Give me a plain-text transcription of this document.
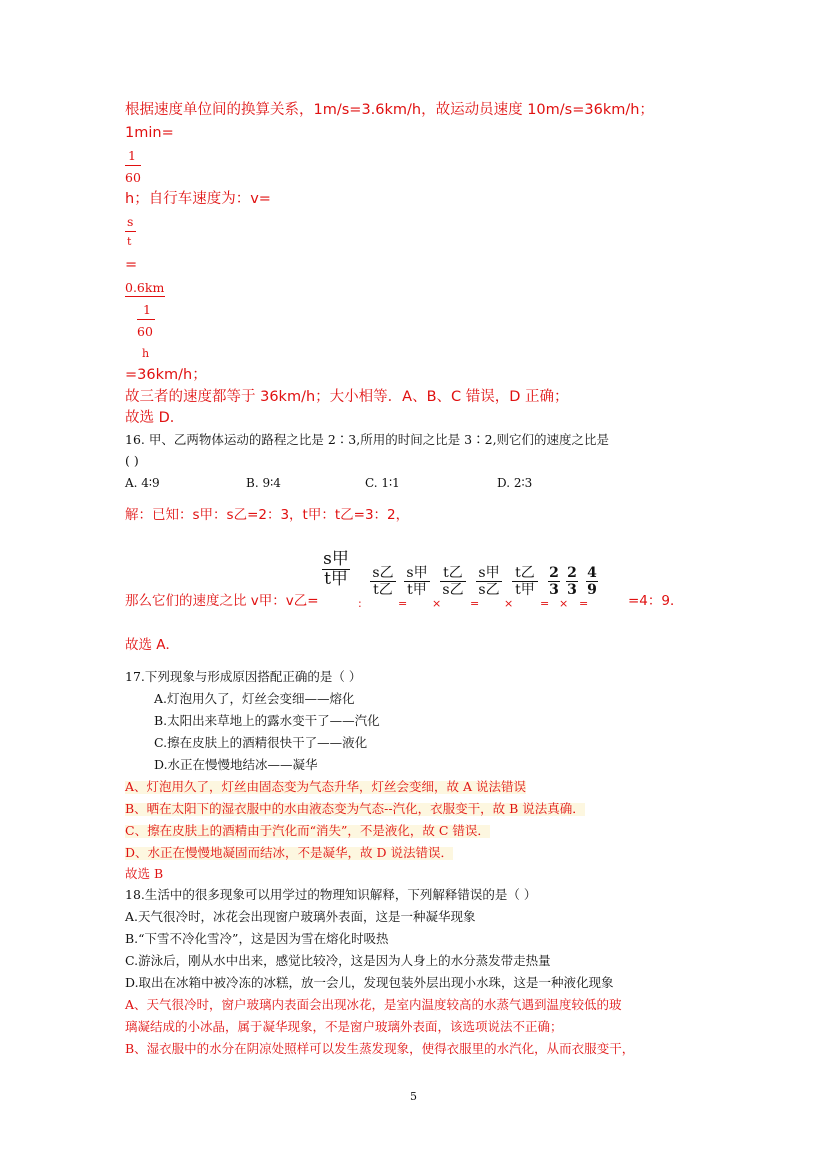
根据速度单位间的换算关系，1m/s=3.6km/h，故运动员速度 10m/s=36km/h；
1min=
1
60
h；自行车速度为：v=
s
t
=
0.6km
1
60
h
=36km/h；
故三者的速度都等于 36km/h；大小相等．A、B、C 错误，D 正确；
故选 D．
16. 甲、乙两物体运动的路程之比是 2∶3,所用的时间之比是 3∶2,则它们的速度之比是
( )
A. 4∶9	B. 9∶4	C. 1∶1	D. 2∶3
解：已知：s甲：s乙=2：3，t甲：t乙=3：2，
s甲
t甲
那么它们的速度之比 v甲：v乙=
s乙
t乙
s甲
t甲
t乙
s乙
s甲
s乙
t乙
t甲
2
3
2
3
4
9
:	= ×	= × = × =	=4：9．
故选 A．
17.下列现象与形成原因搭配正确的是（ ）
A.灯泡用久了，灯丝会变细——熔化
B.太阳出来草地上的露水变干了——汽化
C.擦在皮肤上的酒精很快干了——液化
D.水正在慢慢地结冰——凝华
A、灯泡用久了，灯丝由固态变为气态升华，灯丝会变细，故 A 说法错误
B、晒在太阳下的湿衣服中的水由液态变为气态--汽化，衣服变干，故 B 说法真确．
C、擦在皮肤上的酒精由于汽化而“消失”，不是液化，故 C 错误．
D、水正在慢慢地凝固而结冰，不是凝华，故 D 说法错误．
故选 B
18.生活中的很多现象可以用学过的物理知识解释，下列解释错误的是（ ）
A.天气很冷时，冰花会出现窗户玻璃外表面，这是一种凝华现象
B.“下雪不冷化雪冷”，这是因为雪在熔化时吸热
C.游泳后，刚从水中出来，感觉比较冷，这是因为人身上的水分蒸发带走热量
D.取出在冰箱中被冷冻的冰糕，放一会儿，发现包装外层出现小水珠，这是一种液化现象
A、天气很冷时，窗户玻璃内表面会出现冰花，是室内温度较高的水蒸气遇到温度较低的玻
璃凝结成的小冰晶，属于凝华现象，不是窗户玻璃外表面，该选项说法不正确；
B、湿衣服中的水分在阴凉处照样可以发生蒸发现象，使得衣服里的水汽化，从而衣服变干，
5
